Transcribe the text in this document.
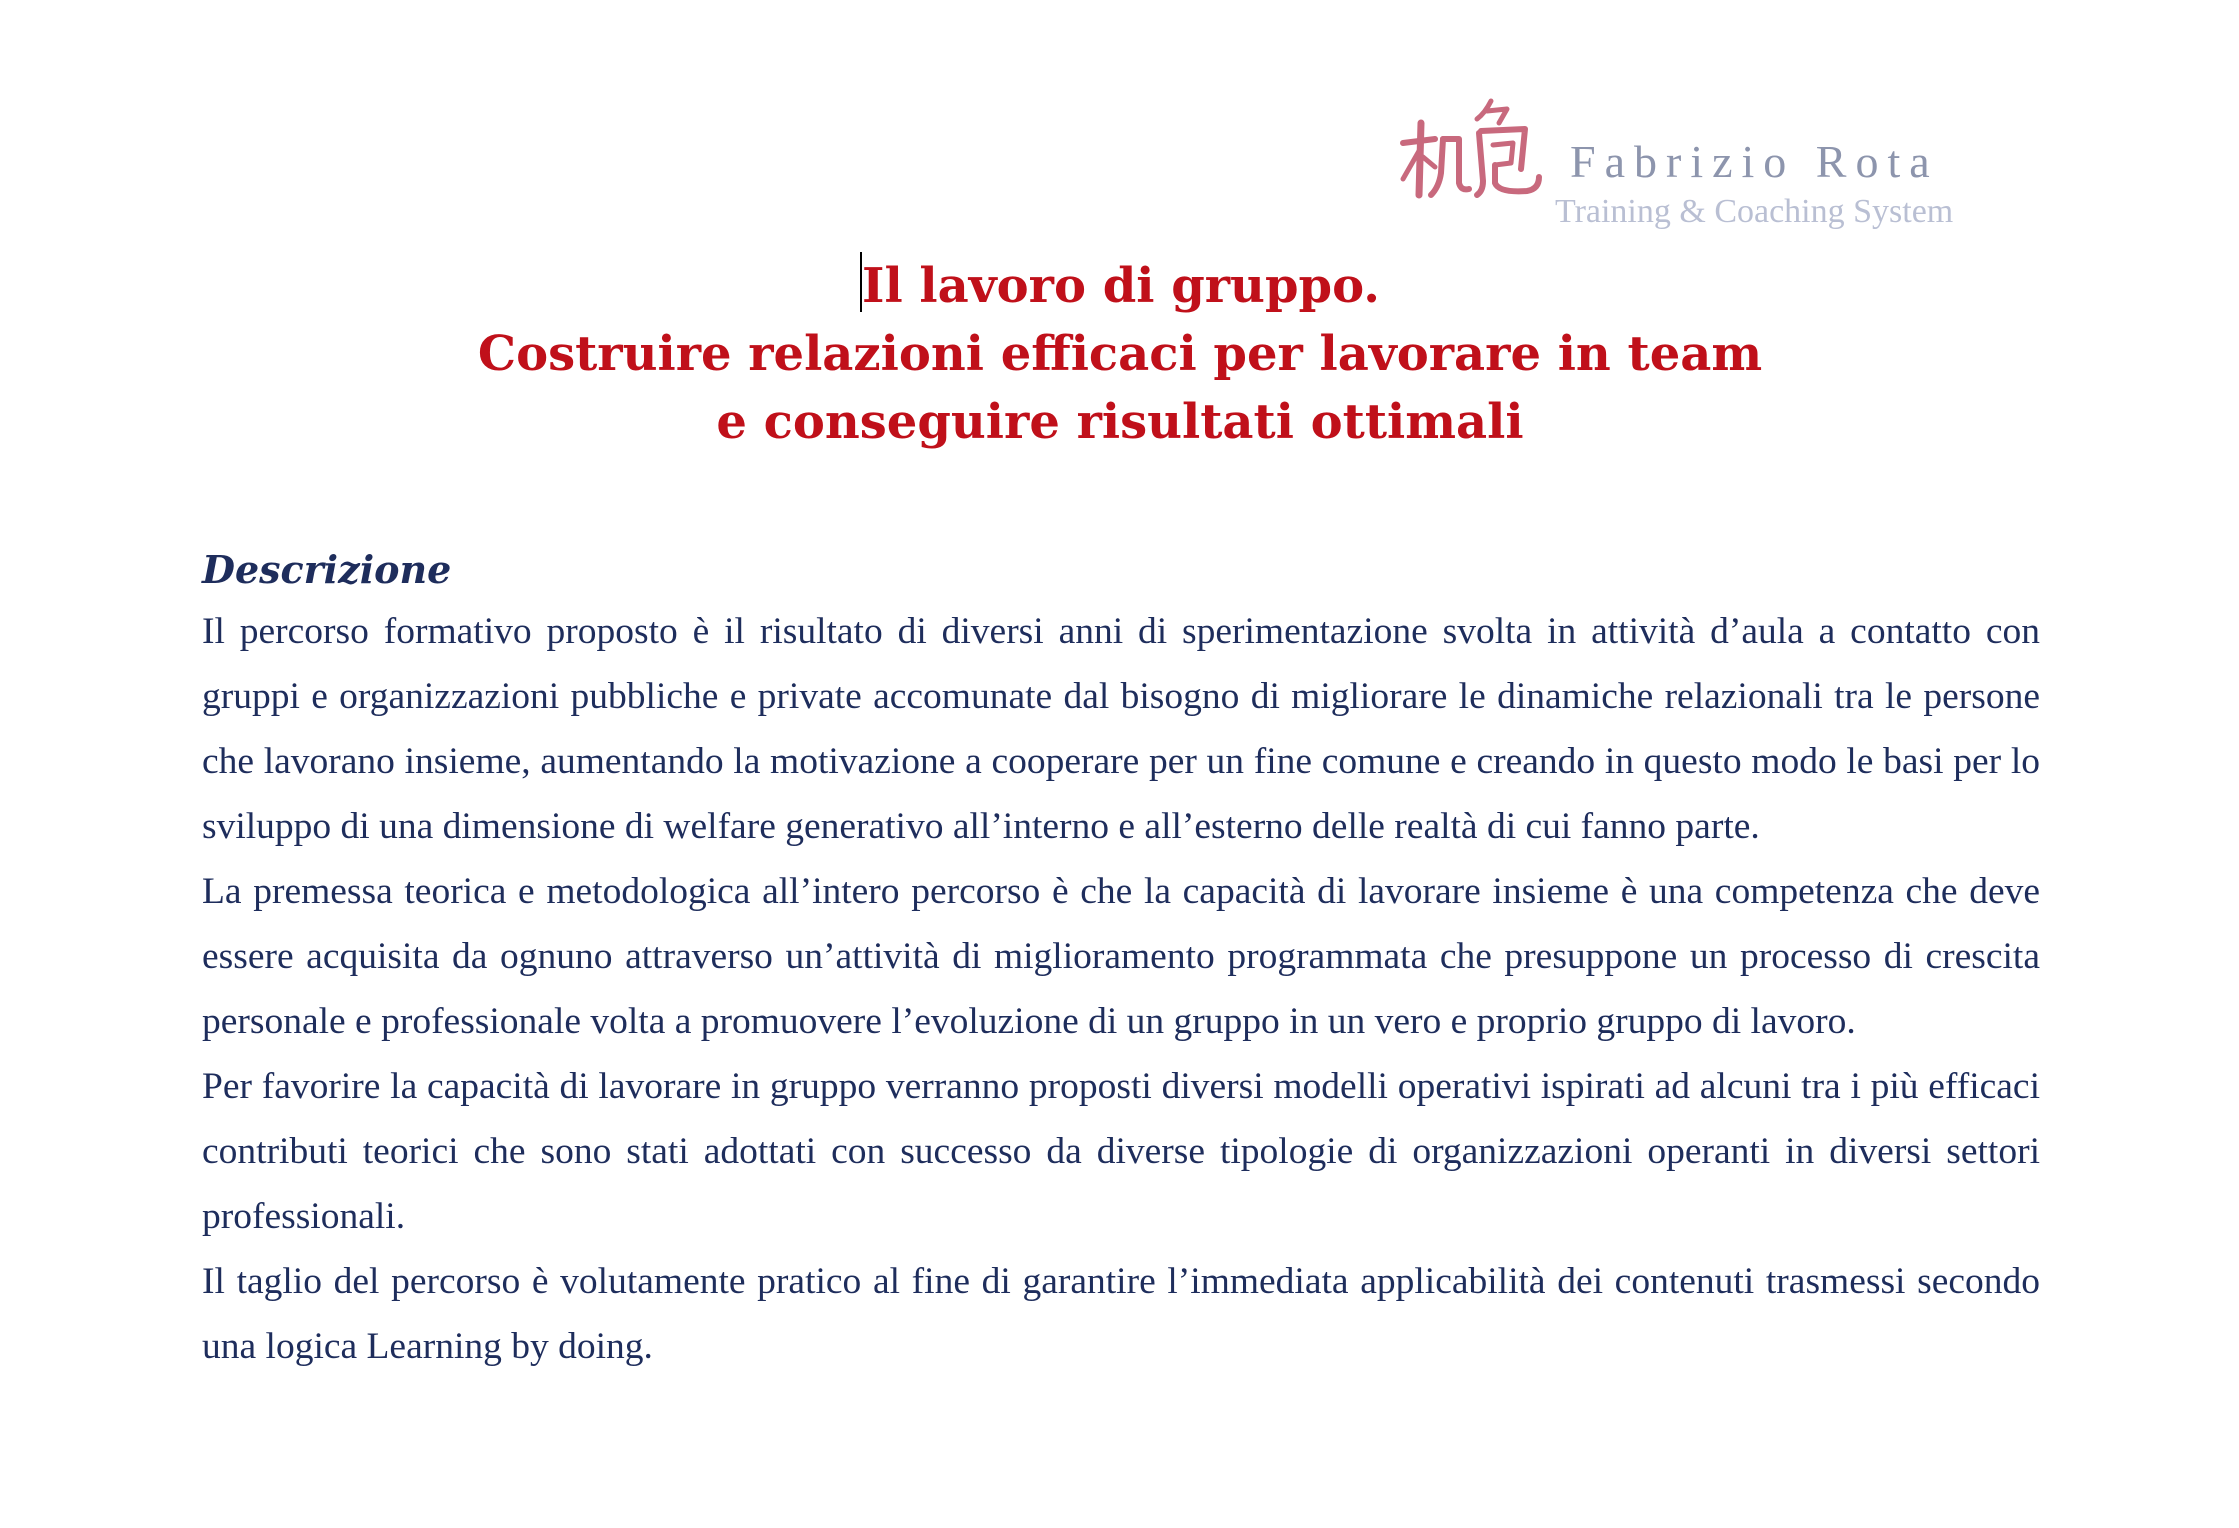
Fabrizio Rota
Training & Coaching System
Il lavoro di gruppo.
Costruire relazioni efficaci per lavorare in team
e conseguire risultati ottimali
Descrizione

Il percorso formativo proposto è il risultato di diversi anni di sperimentazione svolta in attività d’aula a contatto con gruppi e organizzazioni pubbliche e private accomunate dal bisogno di migliorare le dinamiche relazionali tra le persone che lavorano insieme, aumentando la motivazione a cooperare per un fine comune e creando in questo modo le basi per lo sviluppo di una dimensione di welfare generativo all’interno e all’esterno delle realtà di cui fanno parte.

La premessa teorica e metodologica all’intero percorso è che la capacità di lavorare insieme è una competenza che deve essere acquisita da ognuno attraverso un’attività di miglioramento programmata che presuppone un processo di crescita personale e professionale volta a promuovere l’evoluzione di un gruppo in un vero e proprio gruppo di lavoro.

Per favorire la capacità di lavorare in gruppo verranno proposti diversi modelli operativi ispirati ad alcuni tra i più efficaci contributi teorici che sono stati adottati con successo da diverse tipologie di organizzazioni operanti in diversi settori professionali.

Il taglio del percorso è volutamente pratico al fine di garantire l’immediata applicabilità dei contenuti trasmessi secondo una logica Learning by doing.
